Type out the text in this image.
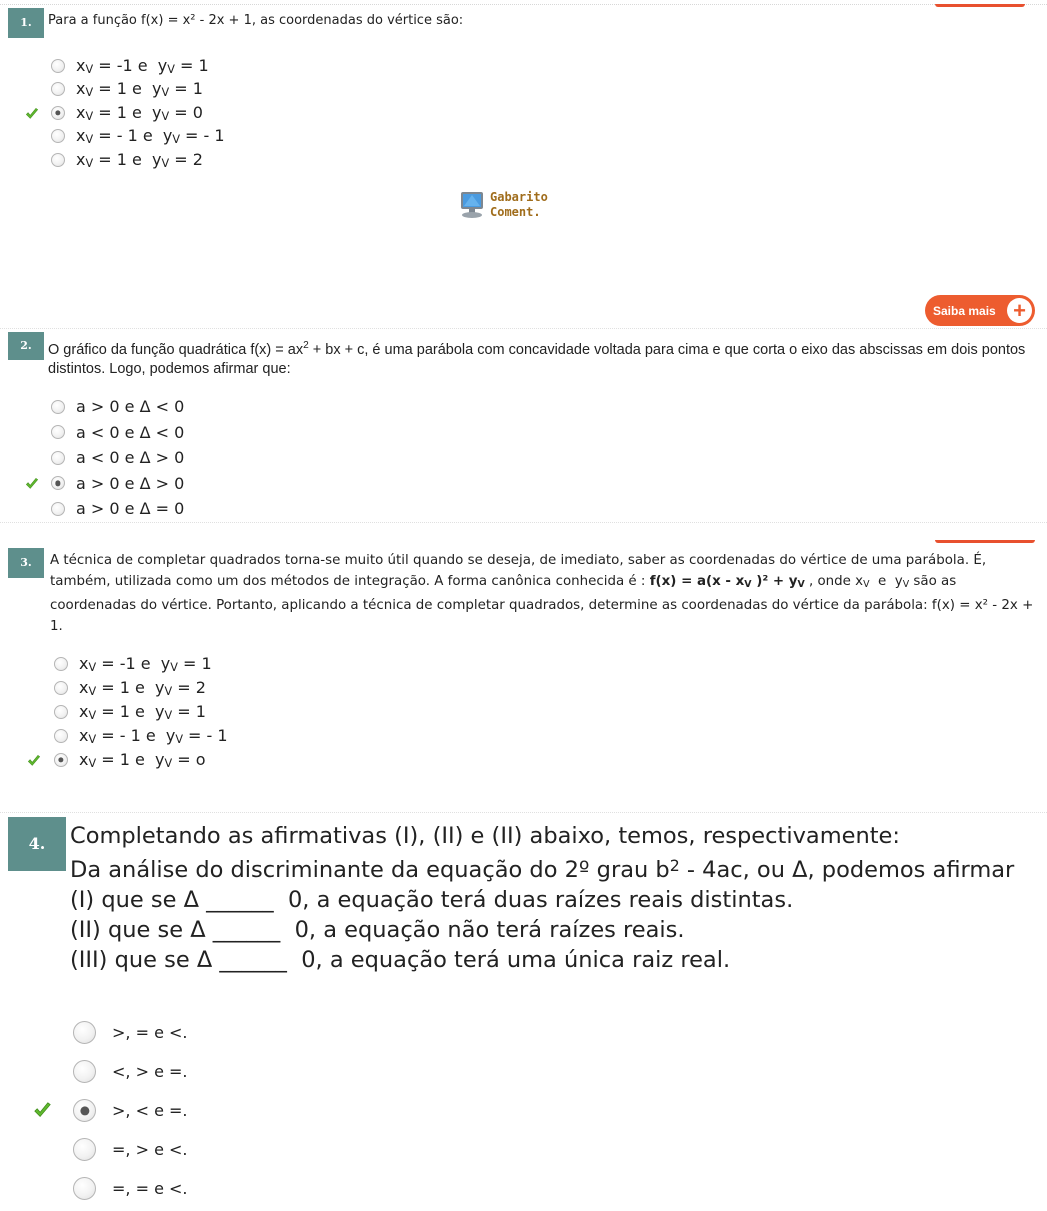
1.	Para a função f(x) = x² - 2x + 1, as coordenadas do vértice são:
$x_V = -1$ e  $y_V = 1$
$x_V = 1$ e  $y_V = 1$
$x_V = 1$ e  $y_V = 0$
$x_V$ = - 1 e  $y_V$ = - 1
$x_V = 1$ e  $y_V = 2$
Gabarito
Coment.
Saiba mais +
2.	O gráfico da função quadrática $f(x) = ax^2$ + bx + c, é uma parábola com concavidade voltada para cima e que corta o eixo das abscissas em dois pontos distintos. Logo, podemos afirmar que:
a > 0 e Δ < 0
a < 0 e Δ < 0
a < 0 e Δ > 0
a > 0 e Δ > 0
a > 0 e Δ = 0
3.	A técnica de completar quadrados torna-se muito útil quando se deseja, de imediato, saber as coordenadas do vértice de uma parábola. É, também, utilizada como um dos métodos de integração. A forma canônica conhecida é : $f(x) = a(x - x_V$ )$^2 + y_V$ , onde $x_V$  e  $y_V$ são as coordenadas do vértice. Portanto, aplicando a técnica de completar quadrados, determine as coordenadas do vértice da parábola: f(x) = x² - 2x + 1.
$x_V = -1$ e  $y_V = 1$
$x_V = 1$ e  $y_V = 2$
$x_V = 1$ e  $y_V = 1$
$x_V$ = - 1 e  $y_V$ = - 1
$x_V = 1$ e  $y_V = o$
4.	Completando as afirmativas (I), (II) e (II) abaixo, temos, respectivamente:
Da análise do discriminante da equação do 2º grau $b^2 - 4ac$, ou Δ, podemos afirmar
(I) que se Δ ______  0, a equação terá duas raízes reais distintas.
(II) que se Δ ______  0, a equação não terá raízes reais.
(III) que se Δ ______  0, a equação terá uma única raiz real.
>, = e <.
<, > e =.
>, < e =.
=, > e <.
=, = e <.
